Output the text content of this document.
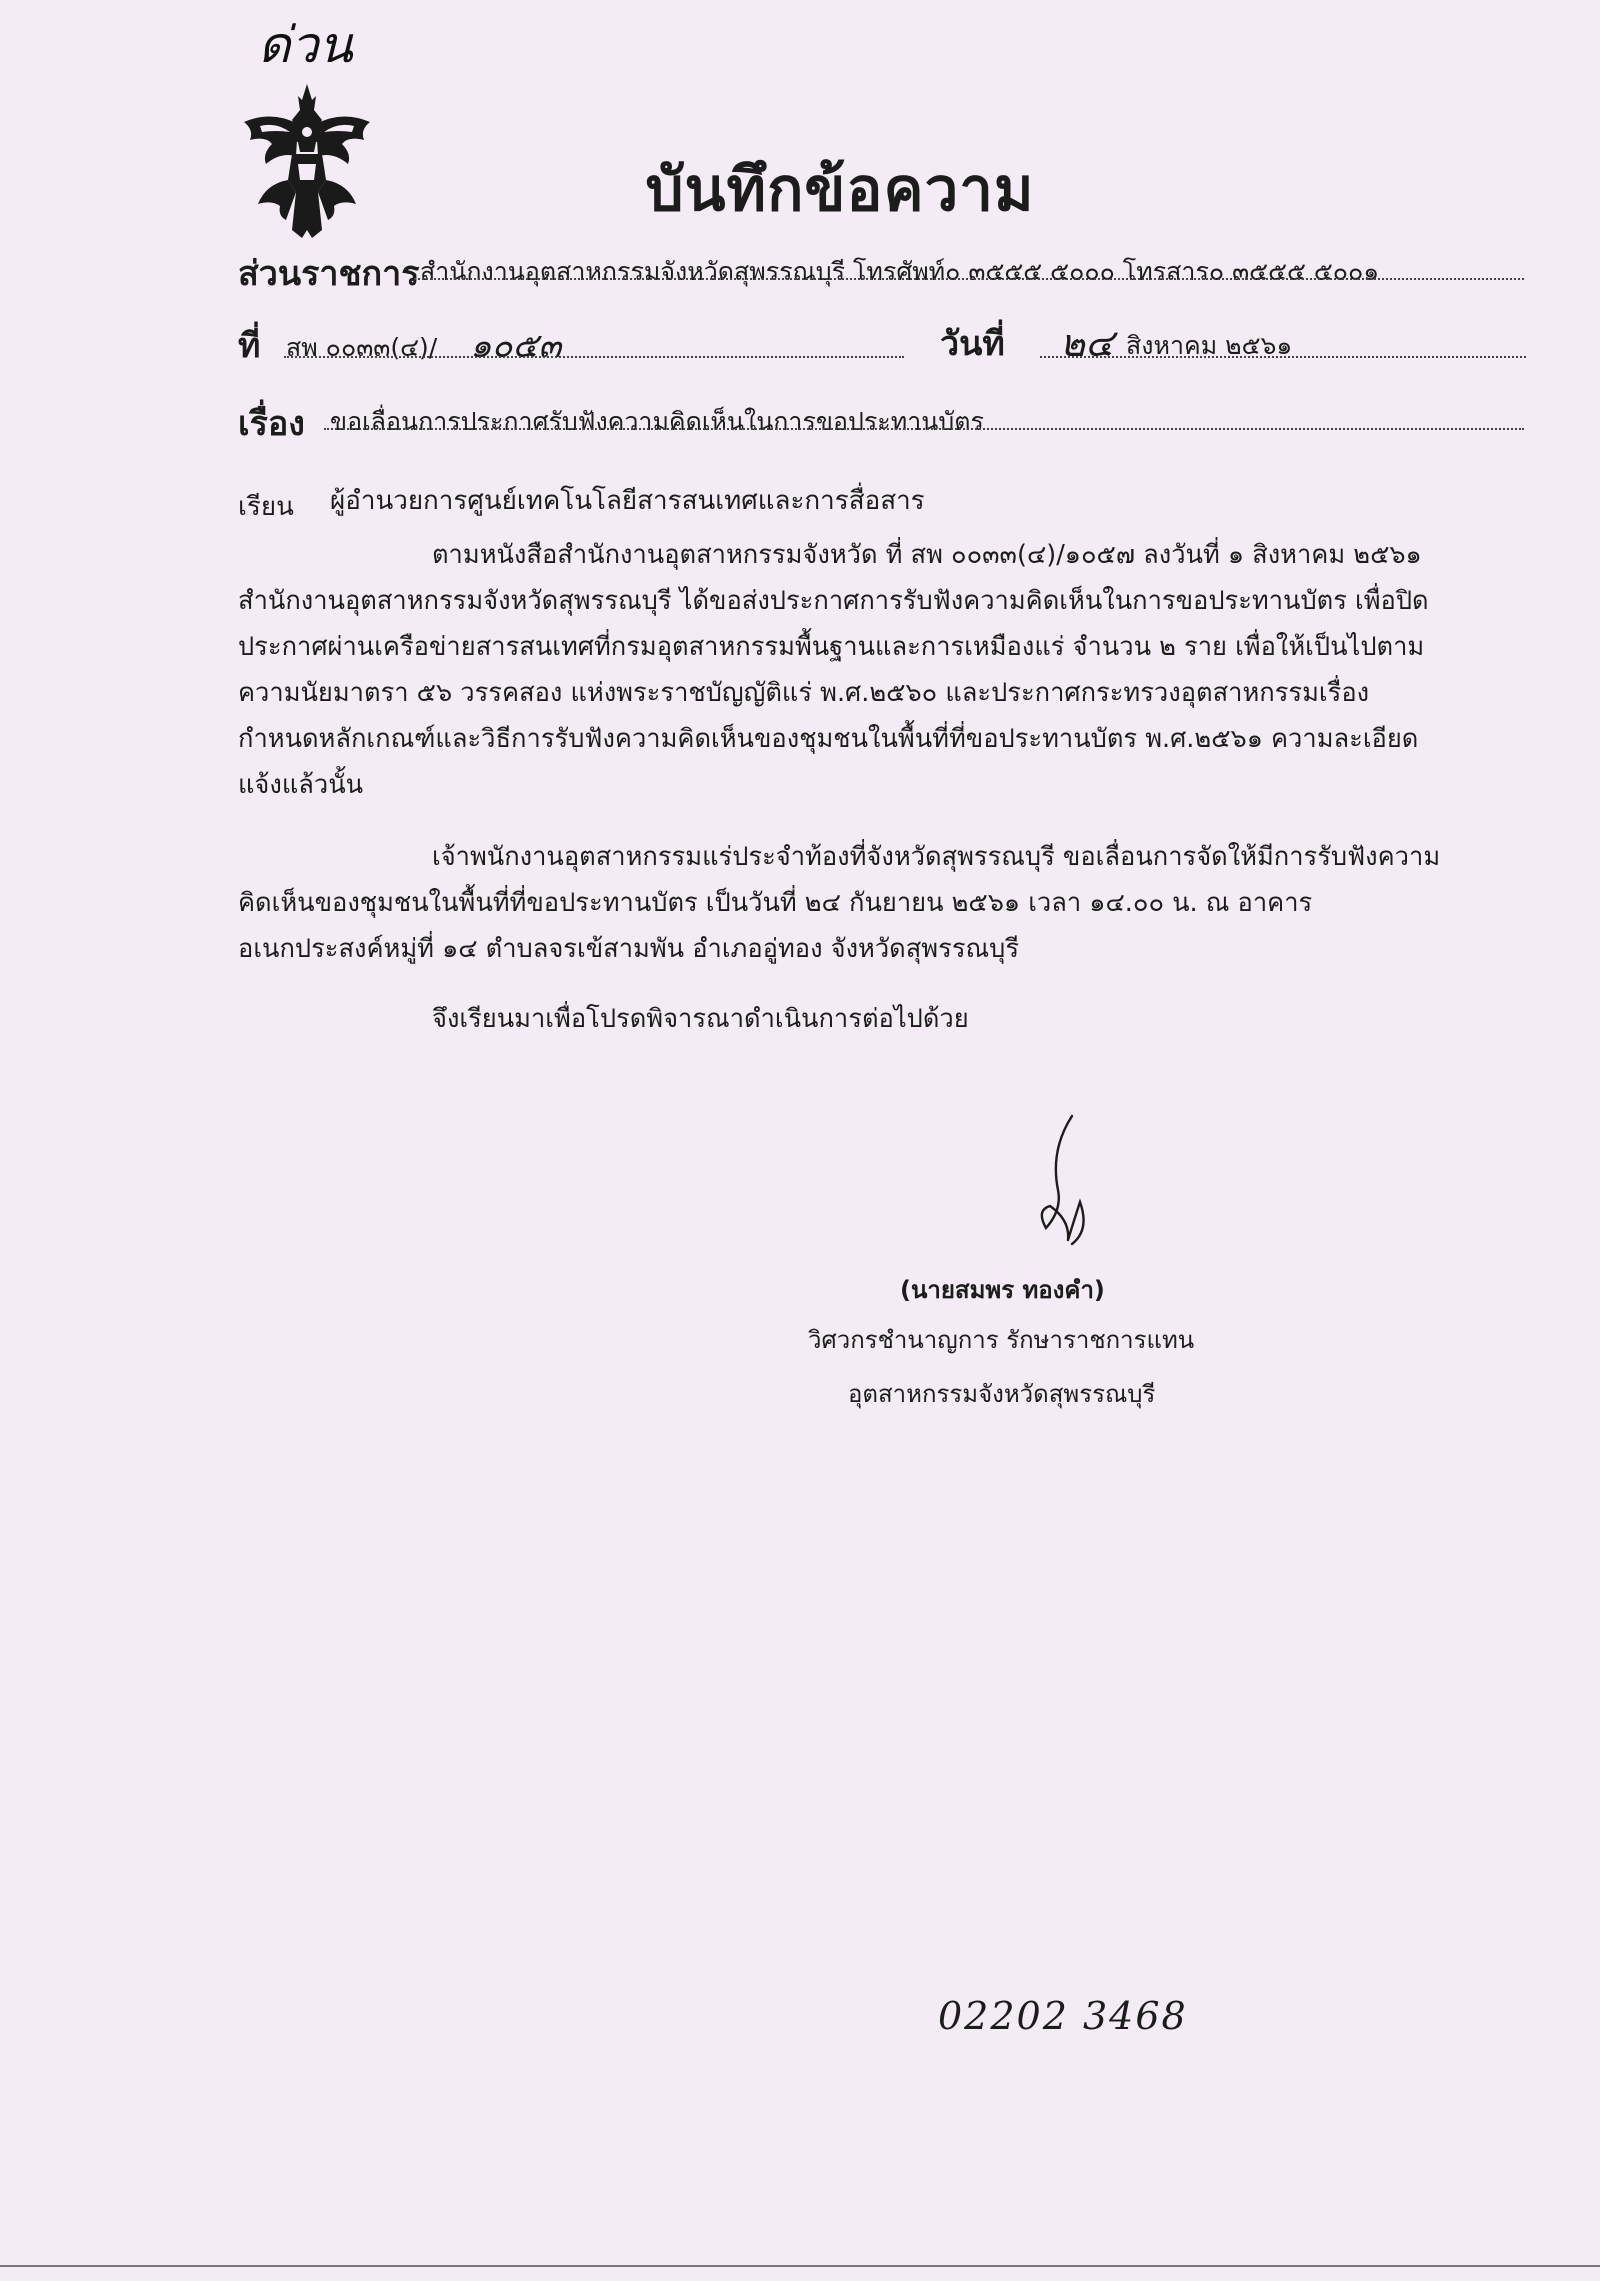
ด่วน
บันทึกข้อความ
ส่วนราชการ สำนักงานอุตสาหกรรมจังหวัดสุพรรณบุรี โทรศัพท์๐ ๓๕๕๕ ๕๐๐๐ โทรสาร๐ ๓๕๕๕ ๕๐๐๑
ที่ สพ ๐๐๓๓(๔)/ ๑๐๕๓	วันที่ ๒๔ สิงหาคม ๒๕๖๑
เรื่อง ขอเลื่อนการประกาศรับฟังความคิดเห็นในการขอประทานบัตร
เรียน ผู้อำนวยการศูนย์เทคโนโลยีสารสนเทศและการสื่อสาร
ตามหนังสือสำนักงานอุตสาหกรรมจังหวัด ที่ สพ ๐๐๓๓(๔)/๑๐๕๗ ลงวันที่ ๑ สิงหาคม ๒๕๖๑
สำนักงานอุตสาหกรรมจังหวัดสุพรรณบุรี ได้ขอส่งประกาศการรับฟังความคิดเห็นในการขอประทานบัตร เพื่อปิด
ประกาศผ่านเครือข่ายสารสนเทศที่กรมอุตสาหกรรมพื้นฐานและการเหมืองแร่ จำนวน ๒ ราย เพื่อให้เป็นไปตาม
ความนัยมาตรา ๕๖ วรรคสอง แห่งพระราชบัญญัติแร่ พ.ศ.๒๕๖๐ และประกาศกระทรวงอุตสาหกรรมเรื่อง
กำหนดหลักเกณฑ์และวิธีการรับฟังความคิดเห็นของชุมชนในพื้นที่ที่ขอประทานบัตร พ.ศ.๒๕๖๑ ความละเอียด
แจ้งแล้วนั้น
เจ้าพนักงานอุตสาหกรรมแร่ประจำท้องที่จังหวัดสุพรรณบุรี ขอเลื่อนการจัดให้มีการรับฟังความ
คิดเห็นของชุมชนในพื้นที่ที่ขอประทานบัตร เป็นวันที่ ๒๔ กันยายน ๒๕๖๑ เวลา ๑๔.๐๐ น. ณ อาคาร
อเนกประสงค์หมู่ที่ ๑๔ ตำบลจรเข้สามพัน อำเภออู่ทอง จังหวัดสุพรรณบุรี
จึงเรียนมาเพื่อโปรดพิจารณาดำเนินการต่อไปด้วย
(นายสมพร ทองคำ)
วิศวกรชำนาญการ รักษาราชการแทน
อุตสาหกรรมจังหวัดสุพรรณบุรี
02202 3468
